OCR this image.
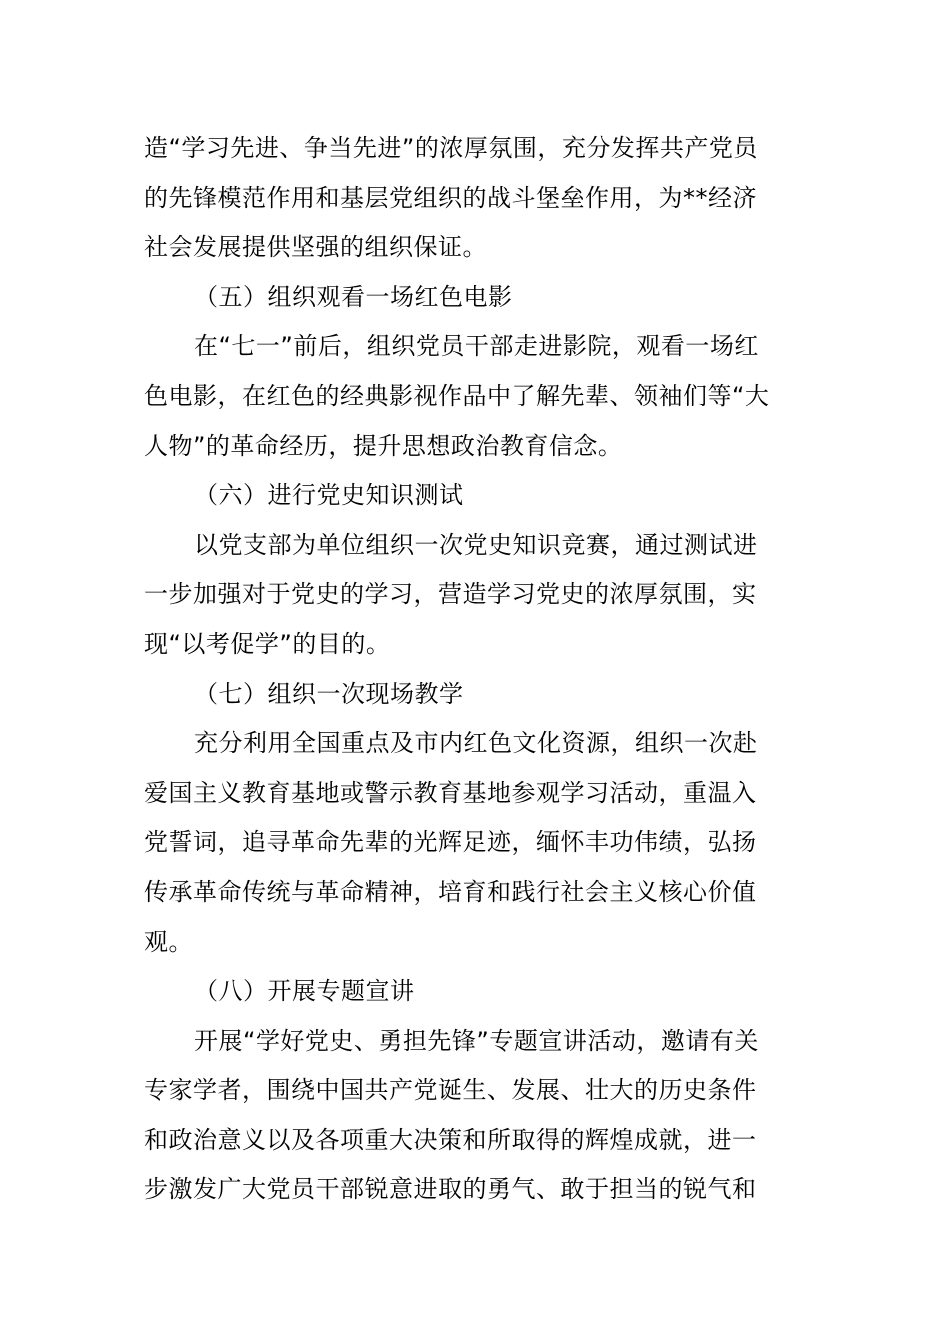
造“学习先进、争当先进”的浓厚氛围，充分发挥共产党员
的先锋模范作用和基层党组织的战斗堡垒作用，为**经济
社会发展提供坚强的组织保证。
（五）组织观看一场红色电影
在“七一”前后，组织党员干部走进影院，观看一场红
色电影，在红色的经典影视作品中了解先辈、领袖们等“大
人物”的革命经历，提升思想政治教育信念。
（六）进行党史知识测试
以党支部为单位组织一次党史知识竞赛，通过测试进
一步加强对于党史的学习，营造学习党史的浓厚氛围，实
现“以考促学”的目的。
（七）组织一次现场教学
充分利用全国重点及市内红色文化资源，组织一次赴
爱国主义教育基地或警示教育基地参观学习活动，重温入
党誓词，追寻革命先辈的光辉足迹，缅怀丰功伟绩，弘扬
传承革命传统与革命精神，培育和践行社会主义核心价值
观。
（八）开展专题宣讲
开展“学好党史、勇担先锋”专题宣讲活动，邀请有关
专家学者，围绕中国共产党诞生、发展、壮大的历史条件
和政治意义以及各项重大决策和所取得的辉煌成就，进一
步激发广大党员干部锐意进取的勇气、敢于担当的锐气和
